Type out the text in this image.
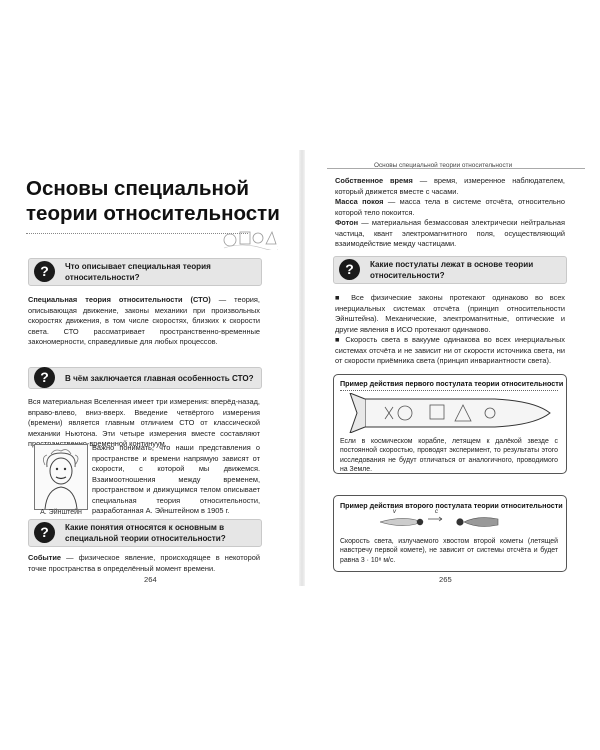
Основы специальной
теории относительности
?	Что описывает специальная теория относительности?
Специальная теория относительности (СТО) — теория, описывающая движение, законы механики при произвольных скоростях движения, в том числе скоростях, близких к скорости света. СТО рассматривает пространственно-временные закономерности, справедливые для любых процессов.
?	В чём заключается главная особенность СТО?
Вся материальная Вселенная имеет три измерения: вперёд-назад, вправо-влево, вниз-вверх. Введение четвёртого измерения (времени) является главным отличием СТО от классической механики Ньютона. Эти четыре измерения вместе составляют пространственно-временной континуум.
А. Эйнштейн
Важно понимать, что наши представления о пространстве и времени напрямую зависят от скорости, с которой мы движемся. Взаимоотношения между временем, пространством и движущимся телом описывает специальная теория относительности, разработанная А. Эйнштейном в 1905 г.
?	Какие понятия относятся к основным в специальной теории относительности?
Событие — физическое явление, происходящее в некоторой точке пространства в определённый момент времени.
264
Основы специальной теории относительности
Собственное время — время, измеренное наблюдателем, который движется вместе с часами.
Масса покоя — масса тела в системе отсчёта, относительно которой тело покоится.
Фотон — материальная безмассовая электрически нейтральная частица, квант электромагнитного поля, осуществляющий взаимодействие между частицами.
?	Какие постулаты лежат в основе теории относительности?
■ Все физические законы протекают одинаково во всех инерциальных системах отсчёта (принцип относительности Эйнштейна). Механические, электромагнитные, оптические и другие явления в ИСО протекают одинаково.
■ Скорость света в вакууме одинакова во всех инерциальных системах отсчёта и не зависит ни от скорости источника света, ни от скорости приёмника света (принцип инвариантности света).
Пример действия первого постулата теории относительности
Если в космическом корабле, летящем к далёкой звезде с постоянной скоростью, проводят эксперимент, то результаты этого исследования не будут отличаться от аналогичного, проводимого на Земле.
Пример действия второго постулата теории относительности
v	c
Скорость света, излучаемого хвостом второй кометы (летящей навстречу первой комете), не зависит от системы отсчёта и будет равна 3 · 10⁸ м/с.
265
